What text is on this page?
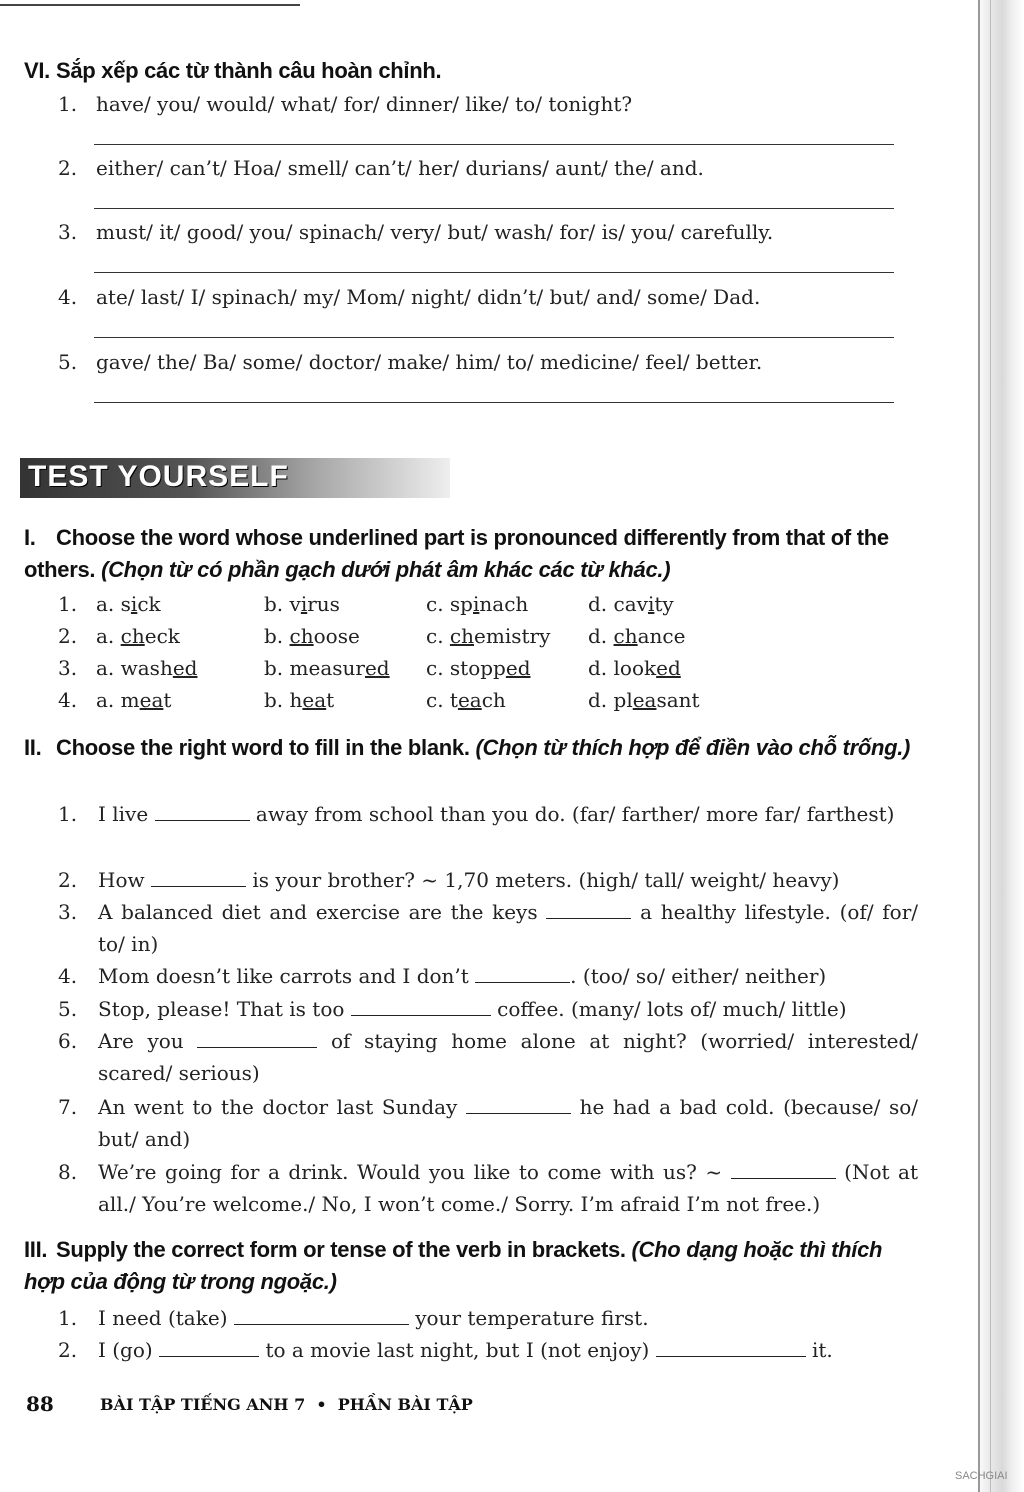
VI. Sắp xếp các từ thành câu hoàn chỉnh.
1. have/ you/ would/ what/ for/ dinner/ like/ to/ tonight?
2. either/ can’t/ Hoa/ smell/ can’t/ her/ durians/ aunt/ the/ and.
3. must/ it/ good/ you/ spinach/ very/ but/ wash/ for/ is/ you/ carefully.
4. ate/ last/ I/ spinach/ my/ Mom/ night/ didn’t/ but/ and/ some/ Dad.
5. gave/ the/ Ba/ some/ doctor/ make/ him/ to/ medicine/ feel/ better.
TEST YOURSELF
I. Choose the word whose underlined part is pronounced differently from that of the others. (Chọn từ có phần gạch dưới phát âm khác các từ khác.)
1. a. sick	b. virus	c. spinach	d. cavity
2. a. check	b. choose	c. chemistry d. chance
3. a. washed	b. measured c. stopped	d. looked
4. a. meat	b. heat	c. teach	d. pleasant
II. Choose the right word to fill in the blank. (Chọn từ thích hợp để điền vào chỗ trống.)
1. I live	away from school than you do. (far/ farther/ more far/ farthest)
2. How	is your brother? ~ 1,70 meters. (high/ tall/ weight/ heavy)
3. A balanced diet and exercise are the keys	a healthy lifestyle. (of/ for/ to/ in)
4. Mom doesn’t like carrots and I don’t	. (too/ so/ either/ neither)
5. Stop, please! That is too	coffee. (many/ lots of/ much/ little)
6. Are you	of staying home alone at night? (worried/ interested/ scared/ serious)
7. An went to the doctor last Sunday	he had a bad cold. (because/ so/ but/ and)
8. We’re going for a drink. Would you like to come with us? ~	(Not at all./ You’re welcome./ No, I won’t come./ Sorry. I’m afraid I’m not free.)
III. Supply the correct form or tense of the verb in brackets. (Cho dạng hoặc thì thích hợp của động từ trong ngoặc.)
1. I need (take)	your temperature first.
2. I (go)	to a movie last night, but I (not enjoy)	it.
88	BÀI TẬP TIẾNG ANH 7 • PHẦN BÀI TẬP
SACHGIAI
